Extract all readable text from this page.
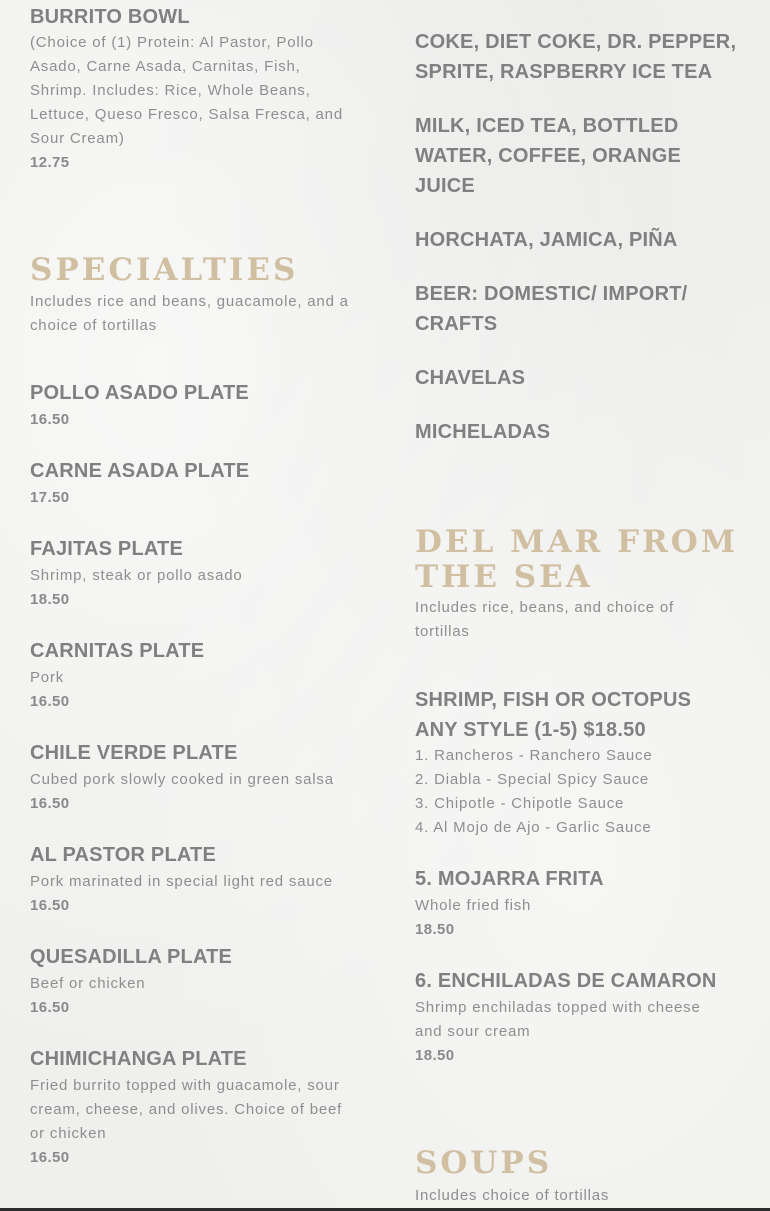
BURRITO BOWL

(Choice of (1) Protein: Al Pastor, Pollo Asado, Carne Asada, Carnitas, Fish, Shrimp. Includes: Rice, Whole Beans, Lettuce, Queso Fresco, Salsa Fresca, and Sour Cream)

12.75

SPECIALTIES

Includes rice and beans, guacamole, and a choice of tortillas

POLLO ASADO PLATE

16.50

CARNE ASADA PLATE

17.50

FAJITAS PLATE

Shrimp, steak or pollo asado

18.50

CARNITAS PLATE

Pork

16.50

CHILE VERDE PLATE

Cubed pork slowly cooked in green salsa

16.50

AL PASTOR PLATE

Pork marinated in special light red sauce

16.50

QUESADILLA PLATE

Beef or chicken

16.50

CHIMICHANGA PLATE

Fried burrito topped with guacamole, sour cream, cheese, and olives. Choice of beef or chicken

16.50

COKE, DIET COKE, DR. PEPPER, SPRITE, RASPBERRY ICE TEA
MILK, ICED TEA, BOTTLED WATER, COFFEE, ORANGE JUICE
HORCHATA, JAMICA, PIÑA
BEER: DOMESTIC/ IMPORT/ CRAFTS
CHAVELAS
MICHELADAS
DEL MAR FROM THE SEA

Includes rice, beans, and choice of tortillas

SHRIMP, FISH OR OCTOPUS ANY STYLE (1-5) $18.50
1. Rancheros - Ranchero Sauce
2. Diabla - Special Spicy Sauce
3. Chipotle - Chipotle Sauce
4. Al Mojo de Ajo - Garlic Sauce
5. MOJARRA FRITA

Whole fried fish

18.50

6. ENCHILADAS DE CAMARON

Shrimp enchiladas topped with cheese and sour cream

18.50

SOUPS

Includes choice of tortillas
